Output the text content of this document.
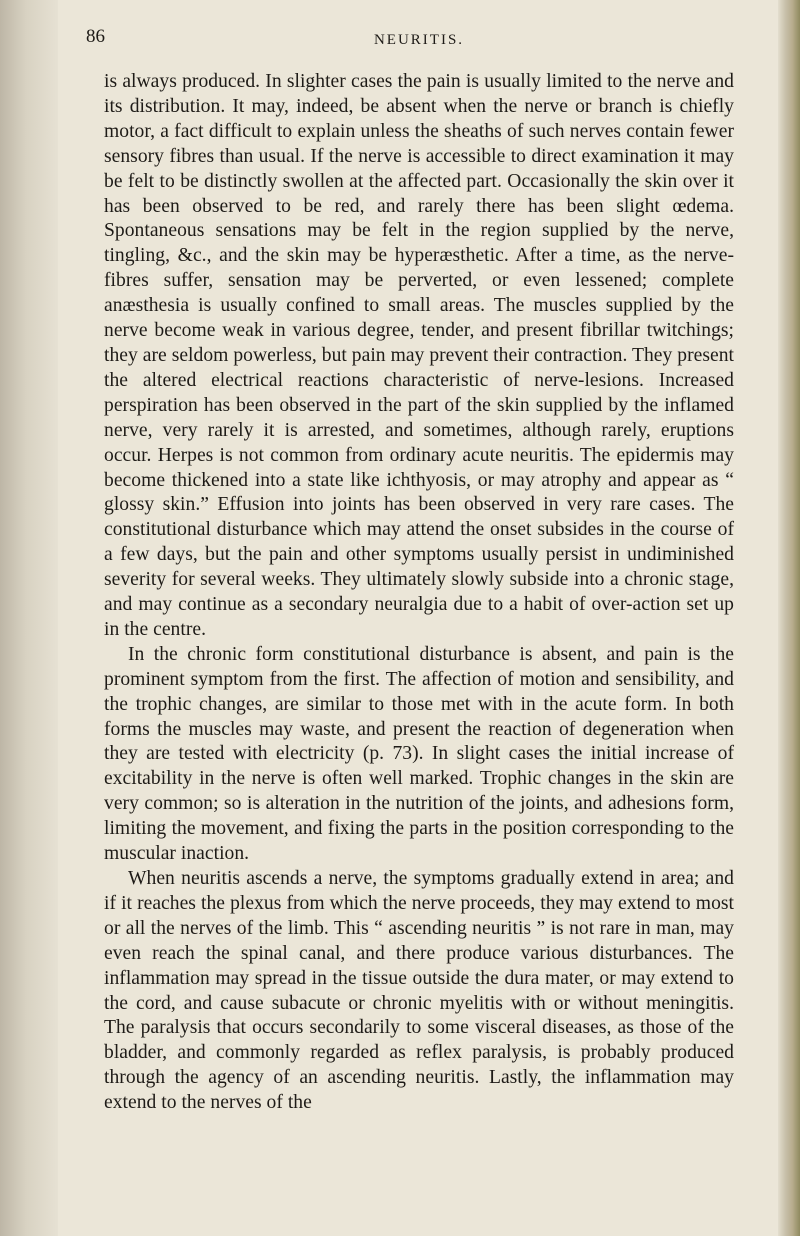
86	NEURITIS.

is always produced. In slighter cases the pain is usually limited to the nerve and its distribution. It may, indeed, be absent when the nerve or branch is chiefly motor, a fact difficult to explain unless the sheaths of such nerves contain fewer sensory fibres than usual. If the nerve is accessible to direct examination it may be felt to be distinctly swollen at the affected part. Occasionally the skin over it has been observed to be red, and rarely there has been slight œdema. Spontaneous sensations may be felt in the region supplied by the nerve, tingling, &c., and the skin may be hyperæsthetic. After a time, as the nerve-fibres suffer, sensation may be perverted, or even lessened; complete anæsthesia is usually confined to small areas. The muscles supplied by the nerve become weak in various degree, tender, and present fibrillar twitchings; they are seldom powerless, but pain may prevent their contraction. They present the altered electrical reactions characteristic of nerve-lesions. Increased perspiration has been observed in the part of the skin supplied by the inflamed nerve, very rarely it is arrested, and sometimes, although rarely, eruptions occur. Herpes is not common from ordinary acute neuritis. The epidermis may become thickened into a state like ichthyosis, or may atrophy and appear as “ glossy skin.” Effusion into joints has been observed in very rare cases. The constitutional disturbance which may attend the onset subsides in the course of a few days, but the pain and other symptoms usually persist in undiminished severity for several weeks. They ultimately slowly subside into a chronic stage, and may continue as a secondary neuralgia due to a habit of over-action set up in the centre.

In the chronic form constitutional disturbance is absent, and pain is the prominent symptom from the first. The affection of motion and sensibility, and the trophic changes, are similar to those met with in the acute form. In both forms the muscles may waste, and present the reaction of degeneration when they are tested with electricity (p. 73). In slight cases the initial increase of excitability in the nerve is often well marked. Trophic changes in the skin are very common; so is alteration in the nutrition of the joints, and adhesions form, limiting the movement, and fixing the parts in the position corresponding to the muscular inaction.

When neuritis ascends a nerve, the symptoms gradually extend in area; and if it reaches the plexus from which the nerve proceeds, they may extend to most or all the nerves of the limb. This “ ascending neuritis ” is not rare in man, may even reach the spinal canal, and there produce various disturbances. The inflammation may spread in the tissue outside the dura mater, or may extend to the cord, and cause subacute or chronic myelitis with or without meningitis. The paralysis that occurs secondarily to some visceral diseases, as those of the bladder, and commonly regarded as reflex paralysis, is probably produced through the agency of an ascending neuritis. Lastly, the inflammation may extend to the nerves of the
